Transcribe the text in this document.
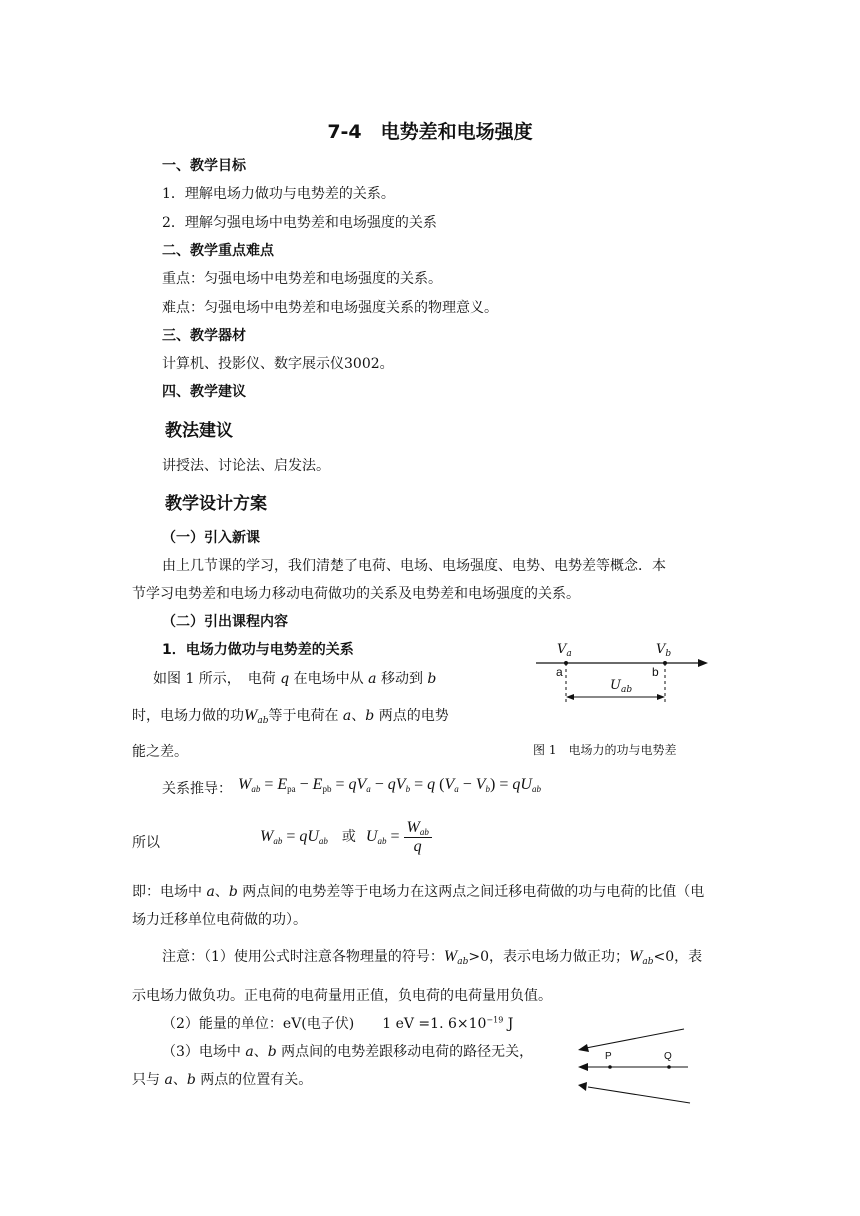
7-4　电势差和电场强度
一、教学目标
1．理解电场力做功与电势差的关系。
2．理解匀强电场中电势差和电场强度的关系
二、教学重点难点
重点：匀强电场中电势差和电场强度的关系。
难点：匀强电场中电势差和电场强度关系的物理意义。
三、教学器材
计算机、投影仪、数字展示仪3002。
四、教学建议
教法建议
讲授法、讨论法、启发法。
教学设计方案
（一）引入新课
由上几节课的学习，我们清楚了电荷、电场、电场强度、电势、电势差等概念．本
节学习电势差和电场力移动电荷做功的关系及电势差和电场强度的关系。
（二）引出课程内容
1．电场力做功与电势差的关系
如图 1 所示，　电荷 q 在电场中从 a 移动到 b
时，电场力做的功$W_{ab}$等于电荷在 a、b 两点的电势
能之差。
$V_a$	$V_b$
a	b
$U_{ab}$
图 1　电场力的功与电势差
关系推导： $W_{ab} = E_{pa} - E_{pb} = qV_a - qV_b = q$ $(V_a - V_b) = qU_{ab}$
所以	$W_{ab} = qU_{ab}$ 或 $U_{ab} = \frac{W_{ab}}{q}$
即：电场中 a、b 两点间的电势差等于电场力在这两点之间迁移电荷做的功与电荷的比值（电
场力迁移单位电荷做的功）。
注意：（1）使用公式时注意各物理量的符号：$W_{ab}>0$，表示电场力做正功；$W_{ab}<0$，表
示电场力做负功。正电荷的电荷量用正值，负电荷的电荷量用负值。
（2）能量的单位：eV(电子伏)　　1 eV =1. $6\times 10^{-19}$ J
（3）电场中 a、b 两点间的电势差跟移动电荷的路径无关，
只与 a、b 两点的位置有关。
P	Q
